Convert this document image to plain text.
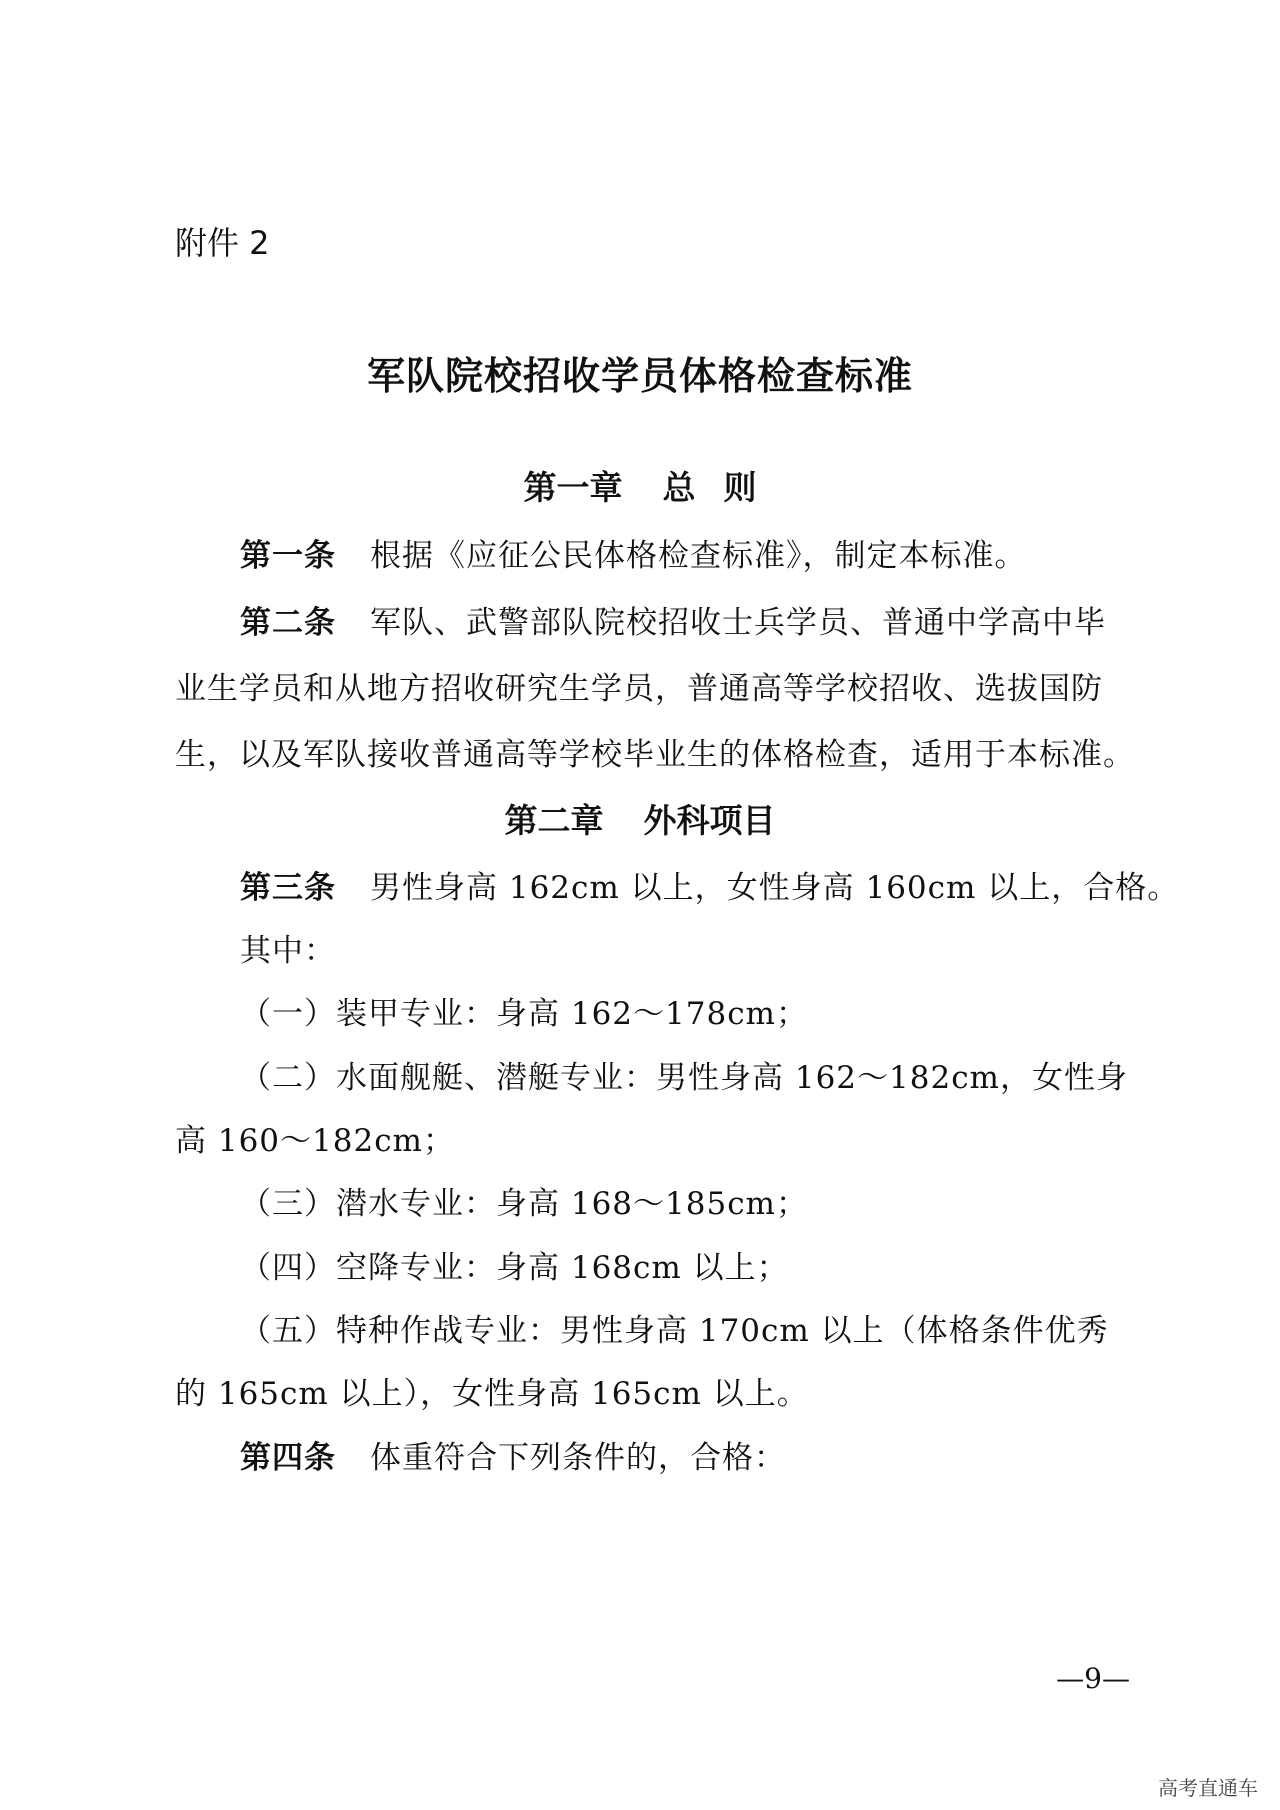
附件 2
军队院校招收学员体格检查标准
第一章 总 则
第一条 根据《应征公民体格检查标准》，制定本标准。
第二条 军队、武警部队院校招收士兵学员、普通中学高中毕
业生学员和从地方招收研究生学员，普通高等学校招收、选拔国防
生，以及军队接收普通高等学校毕业生的体格检查，适用于本标准。
第二章 外科项目
第三条 男性身高 162cm 以上，女性身高 160cm 以上，合格。
其中：
（一）装甲专业：身高 162～178cm；
（二）水面舰艇、潜艇专业：男性身高 162～182cm，女性身
高 160～182cm；
（三）潜水专业：身高 168～185cm；
（四）空降专业：身高 168cm 以上；
（五）特种作战专业：男性身高 170cm 以上（体格条件优秀
的 165cm 以上），女性身高 165cm 以上。
第四条 体重符合下列条件的，合格：
—9—
高考直通车
